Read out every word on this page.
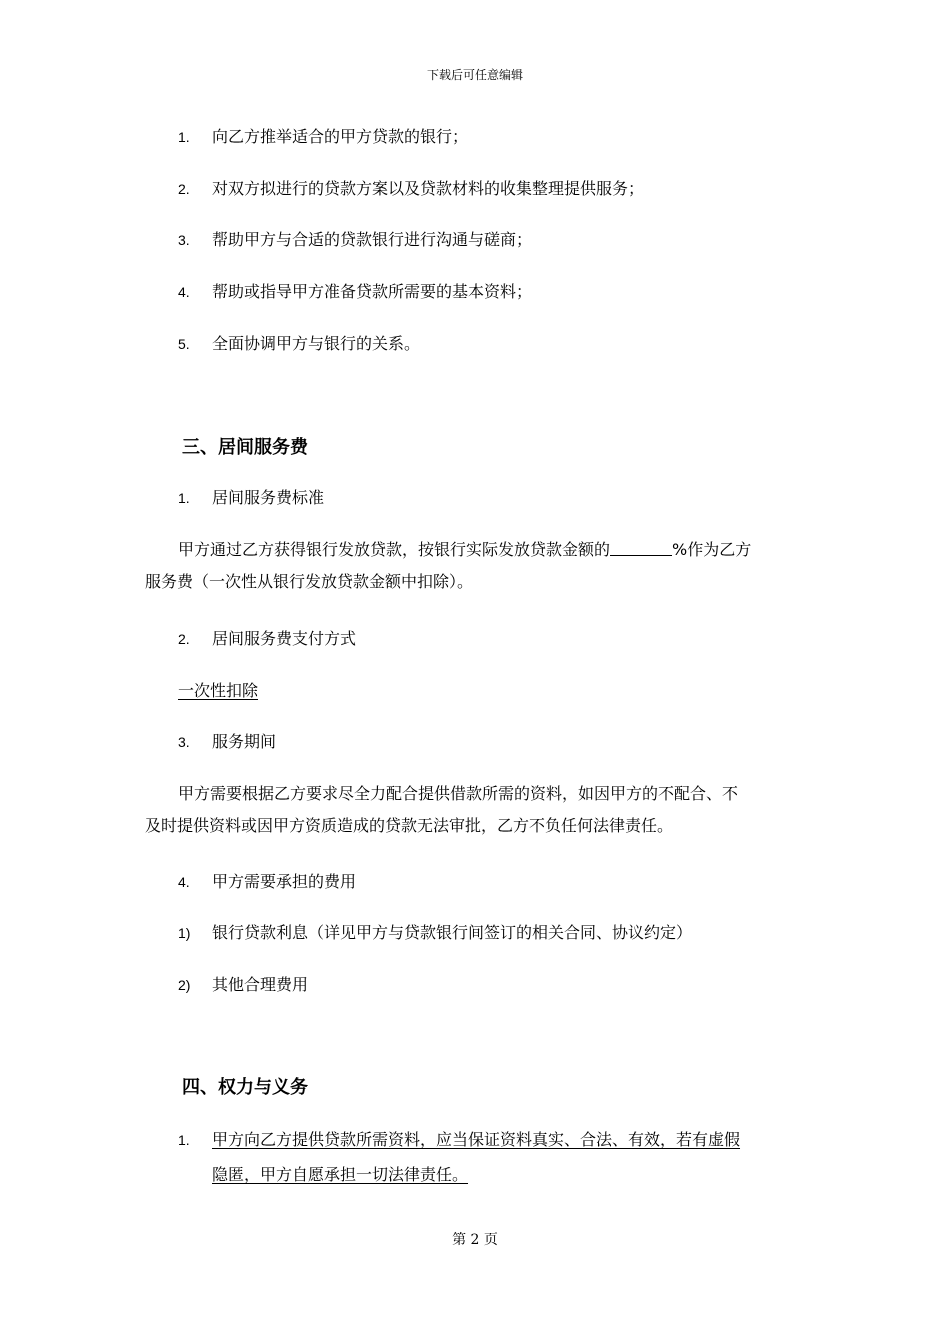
下载后可任意编辑
1. 向乙方推举适合的甲方贷款的银行；
2. 对双方拟进行的贷款方案以及贷款材料的收集整理提供服务；
3. 帮助甲方与合适的贷款银行进行沟通与磋商；
4. 帮助或指导甲方准备贷款所需要的基本资料；
5. 全面协调甲方与银行的关系。
三、居间服务费
1. 居间服务费标准
甲方通过乙方获得银行发放贷款，按银行实际发放贷款金额的	%作为乙方
服务费（一次性从银行发放贷款金额中扣除）。
2. 居间服务费支付方式
一次性扣除
3. 服务期间
甲方需要根据乙方要求尽全力配合提供借款所需的资料，如因甲方的不配合、不
及时提供资料或因甲方资质造成的贷款无法审批，乙方不负任何法律责任。
4. 甲方需要承担的费用
1) 银行贷款利息（详见甲方与贷款银行间签订的相关合同、协议约定）
2) 其他合理费用
四、权力与义务
1. 甲方向乙方提供贷款所需资料，应当保证资料真实、合法、有效，若有虚假
隐匿，甲方自愿承担一切法律责任。
第 2 页
